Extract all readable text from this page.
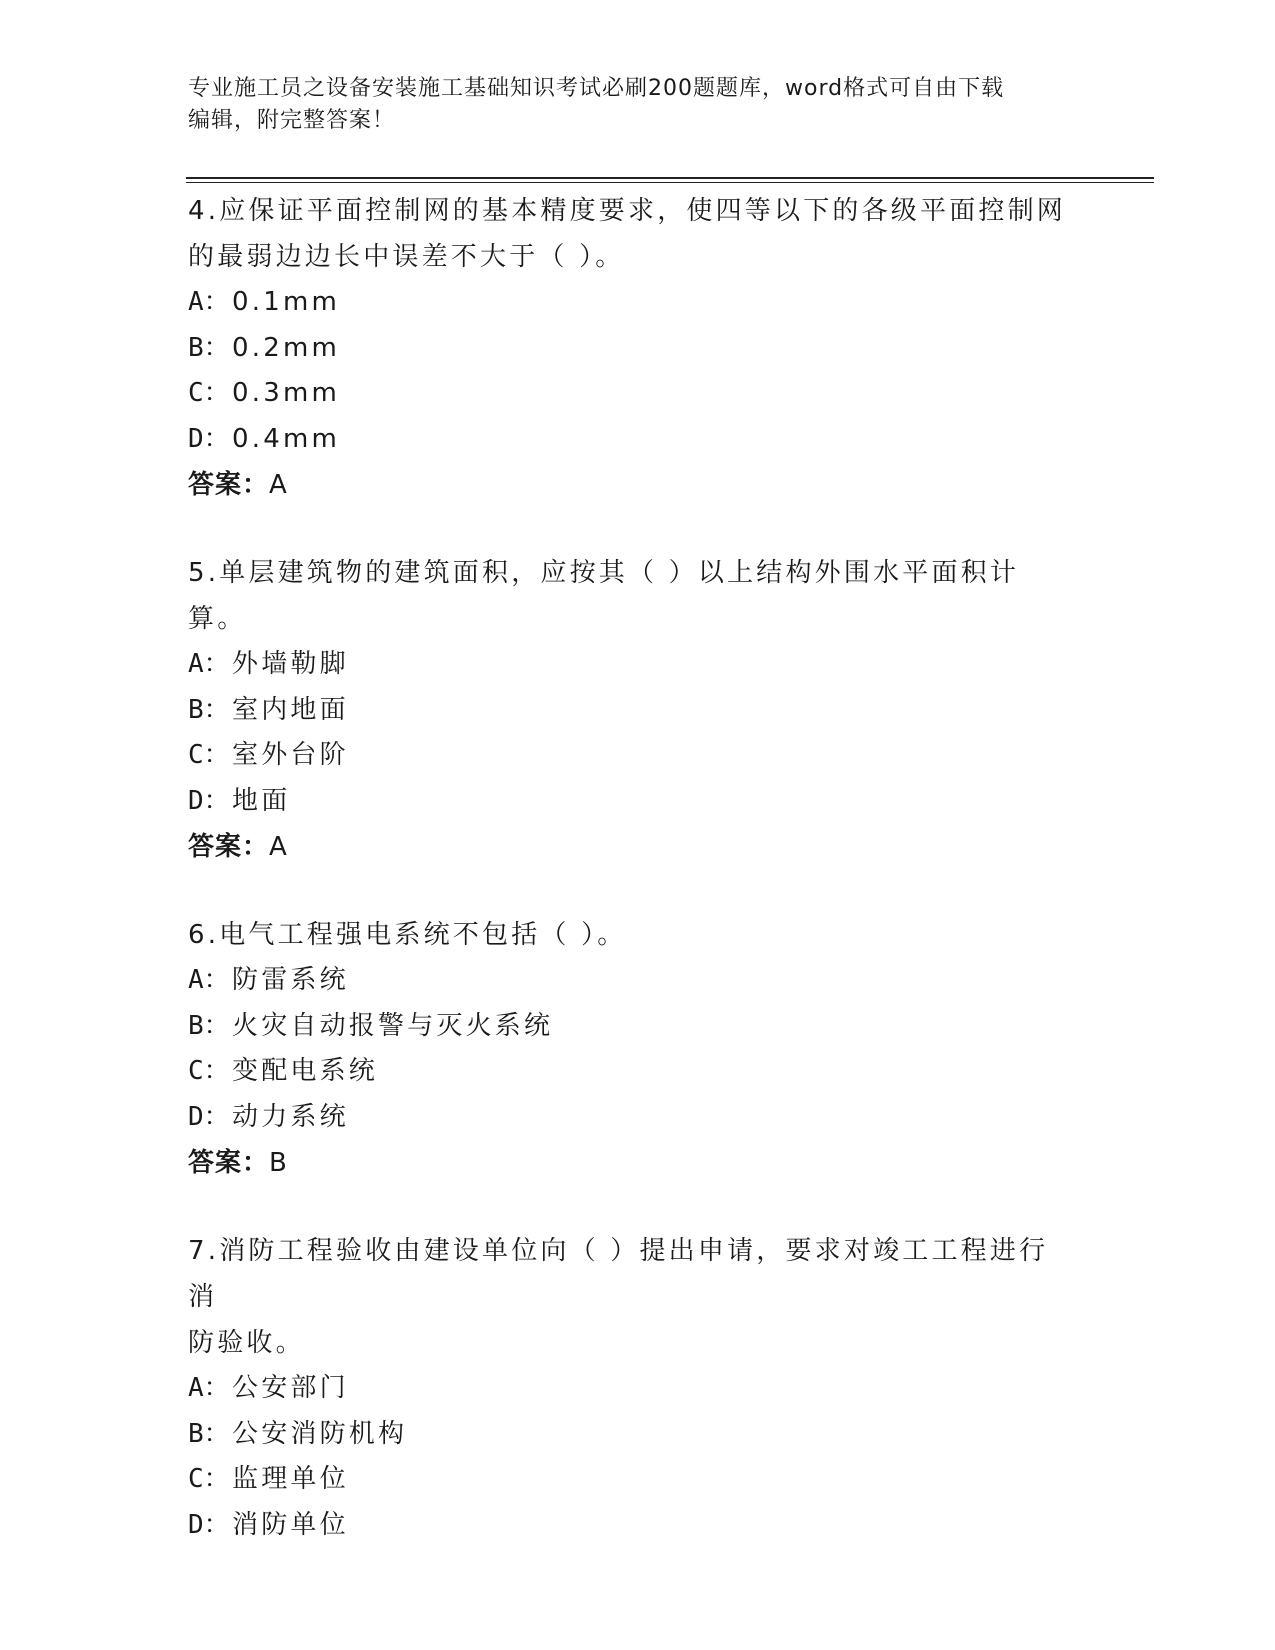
专业施工员之设备安装施工基础知识考试必刷200题题库，word格式可自由下载
编辑，附完整答案！
4.应保证平面控制网的基本精度要求，使四等以下的各级平面控制网
的最弱边边长中误差不大于（ ）。
A： 0.1mm
B： 0.2mm
C： 0.3mm
D： 0.4mm
答案：A
5.单层建筑物的建筑面积，应按其（ ）以上结构外围水平面积计算。
A： 外墙勒脚
B： 室内地面
C： 室外台阶
D： 地面
答案：A
6.电气工程强电系统不包括（ ）。
A： 防雷系统
B： 火灾自动报警与灭火系统
C： 变配电系统
D： 动力系统
答案：B
7.消防工程验收由建设单位向（ ）提出申请，要求对竣工工程进行消
防验收。
A： 公安部门
B： 公安消防机构
C： 监理单位
D： 消防单位
